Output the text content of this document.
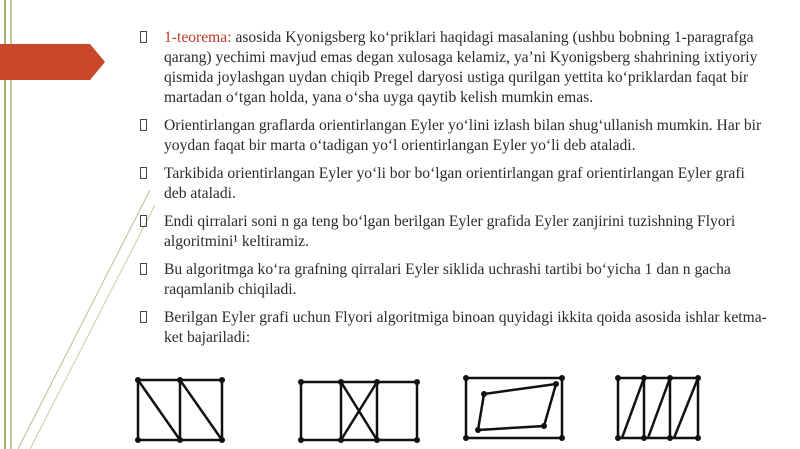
1-teorema: asosida Kyonigsberg ko‘priklari haqidagi masalaning (ushbu bobning 1-paragrafga qarang) yechimi mavjud emas degan xulosaga kelamiz, ya’ni Kyonigsberg shahrining ixtiyoriy qismida joylashgan uydan chiqib Pregel daryosi ustiga qurilgan yettita ko‘priklardan faqat bir martadan o‘tgan holda, yana o‘sha uyga qaytib kelish mumkin emas.
Orientirlangan graflarda orientirlangan Eyler yo‘lini izlash bilan shug‘ullanish mumkin. Har bir yoydan faqat bir marta o‘tadigan yo‘l orientirlangan Eyler yo‘li deb ataladi.
Tarkibida orientirlangan Eyler yo‘li bor bo‘lgan orientirlangan graf orientirlangan Eyler grafi deb ataladi.
Endi qirralari soni n ga teng bo‘lgan berilgan Eyler grafida Eyler zanjirini tuzishning Flyori algoritmini¹ keltiramiz.
Bu algoritmga ko‘ra grafning qirralari Eyler siklida uchrashi tartibi bo‘yicha 1 dan n gacha raqamlanib chiqiladi.
Berilgan Eyler grafi uchun Flyori algoritmiga binoan quyidagi ikkita qoida asosida ishlar ketma-ket bajariladi:
